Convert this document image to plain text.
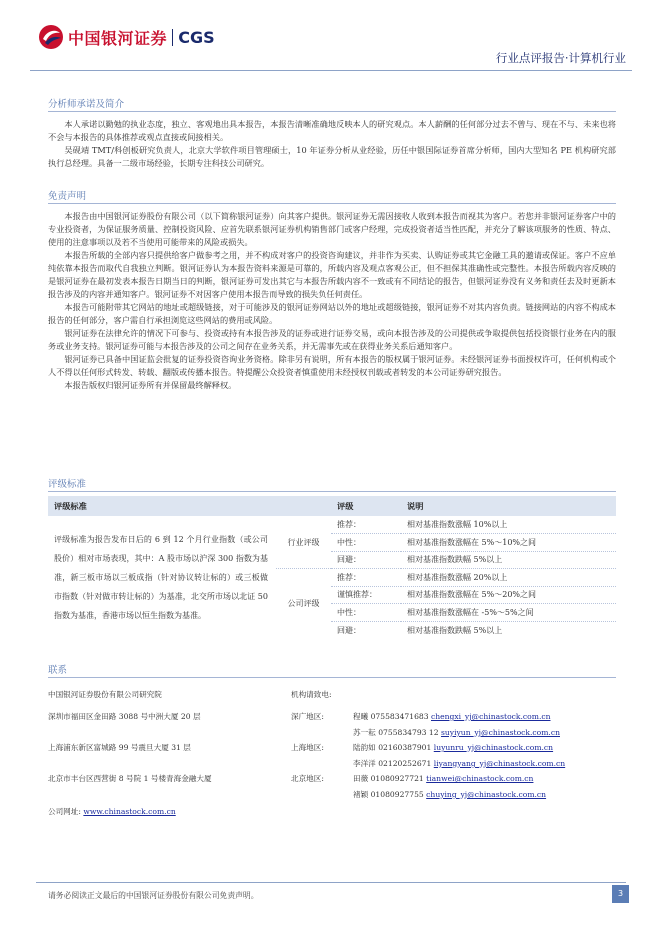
中国银河证券 CGS
行业点评报告·计算机行业
分析师承诺及简介

本人承诺以勤勉的执业态度，独立、客观地出具本报告，本报告清晰准确地反映本人的研究观点。本人薪酬的任何部分过去不曾与、现在不与、未来也将不会与本报告的具体推荐或观点直接或间接相关。

吴砚靖 TMT/科创板研究负责人，北京大学软件项目管理硕士，10 年证券分析从业经验，历任中银国际证券首席分析师，国内大型知名 PE 机构研究部执行总经理。具备一二级市场经验，长期专注科技公司研究。

免责声明

本报告由中国银河证券股份有限公司（以下简称银河证券）向其客户提供。银河证券无需因接收人收到本报告而视其为客户。若您并非银河证券客户中的专业投资者，为保证服务质量、控制投资风险、应首先联系银河证券机构销售部门或客户经理，完成投资者适当性匹配，并充分了解该项服务的性质、特点、使用的注意事项以及若不当使用可能带来的风险或损失。

本报告所载的全部内容只提供给客户做参考之用，并不构成对客户的投资咨询建议，并非作为买卖、认购证券或其它金融工具的邀请或保证。客户不应单纯依靠本报告而取代自我独立判断。银河证券认为本报告资料来源是可靠的，所载内容及观点客观公正，但不担保其准确性或完整性。本报告所载内容反映的是银河证券在最初发表本报告日期当日的判断，银河证券可发出其它与本报告所载内容不一致或有不同结论的报告，但银河证券没有义务和责任去及时更新本报告涉及的内容并通知客户。银河证券不对因客户使用本报告而导致的损失负任何责任。

本报告可能附带其它网站的地址或超级链接，对于可能涉及的银河证券网站以外的地址或超级链接，银河证券不对其内容负责。链接网站的内容不构成本报告的任何部分，客户需自行承担浏览这些网站的费用或风险。

银河证券在法律允许的情况下可参与、投资或持有本报告涉及的证券或进行证券交易，或向本报告涉及的公司提供或争取提供包括投资银行业务在内的服务或业务支持。银河证券可能与本报告涉及的公司之间存在业务关系，并无需事先或在获得业务关系后通知客户。

银河证券已具备中国证监会批复的证券投资咨询业务资格。除非另有说明，所有本报告的版权属于银河证券。未经银河证券书面授权许可，任何机构或个人不得以任何形式转发、转载、翻版或传播本报告。特提醒公众投资者慎重使用未经授权刊载或者转发的本公司证券研究报告。

本报告版权归银河证券所有并保留最终解释权。

评级标准
评级标准		评级	说明
评级标准为报告发布日后的 6 到 12 个月行业指数（或公司股价）相对市场表现，其中：A 股市场以沪深 300 指数为基准，新三板市场以三板成指（针对协议转让标的）或三板做市指数（针对做市转让标的）为基准，北交所市场以北证 50 指数为基准，香港市场以恒生指数为基准。	行业评级	推荐：	相对基准指数涨幅 10%以上
		中性：	相对基准指数涨幅在 5%～10%之间
		回避：	相对基准指数跌幅 5%以上
	公司评级	推荐：	相对基准指数涨幅 20%以上
		谨慎推荐：	相对基准指数涨幅在 5%～20%之间
		中性：	相对基准指数涨幅在 -5%～5%之间
		回避：	相对基准指数跌幅 5%以上
联系
中国银河证券股份有限公司研究院	机构请致电:
深圳市福田区金田路 3088 号中洲大厦 20 层	深广地区:	程曦 075583471683 chengxi_yj@chinastock.com.cn
苏一耘 0755834793 12 suyiyun_yj@chinastock.com.cn
上海浦东新区富城路 99 号震旦大厦 31 层	上海地区:	陆韵如 02160387901 luyunru_yj@chinastock.com.cn
李洋洋 02120252671 liyangyang_yj@chinastock.com.cn
北京市丰台区西营街 8 号院 1 号楼青海金融大厦	北京地区:	田薇 01080927721 tianwei@chinastock.com.cn
褚颖 01080927755 chuying_yj@chinastock.com.cn
公司网址: www.chinastock.com.cn
请务必阅读正文最后的中国银河证券股份有限公司免责声明。	3
